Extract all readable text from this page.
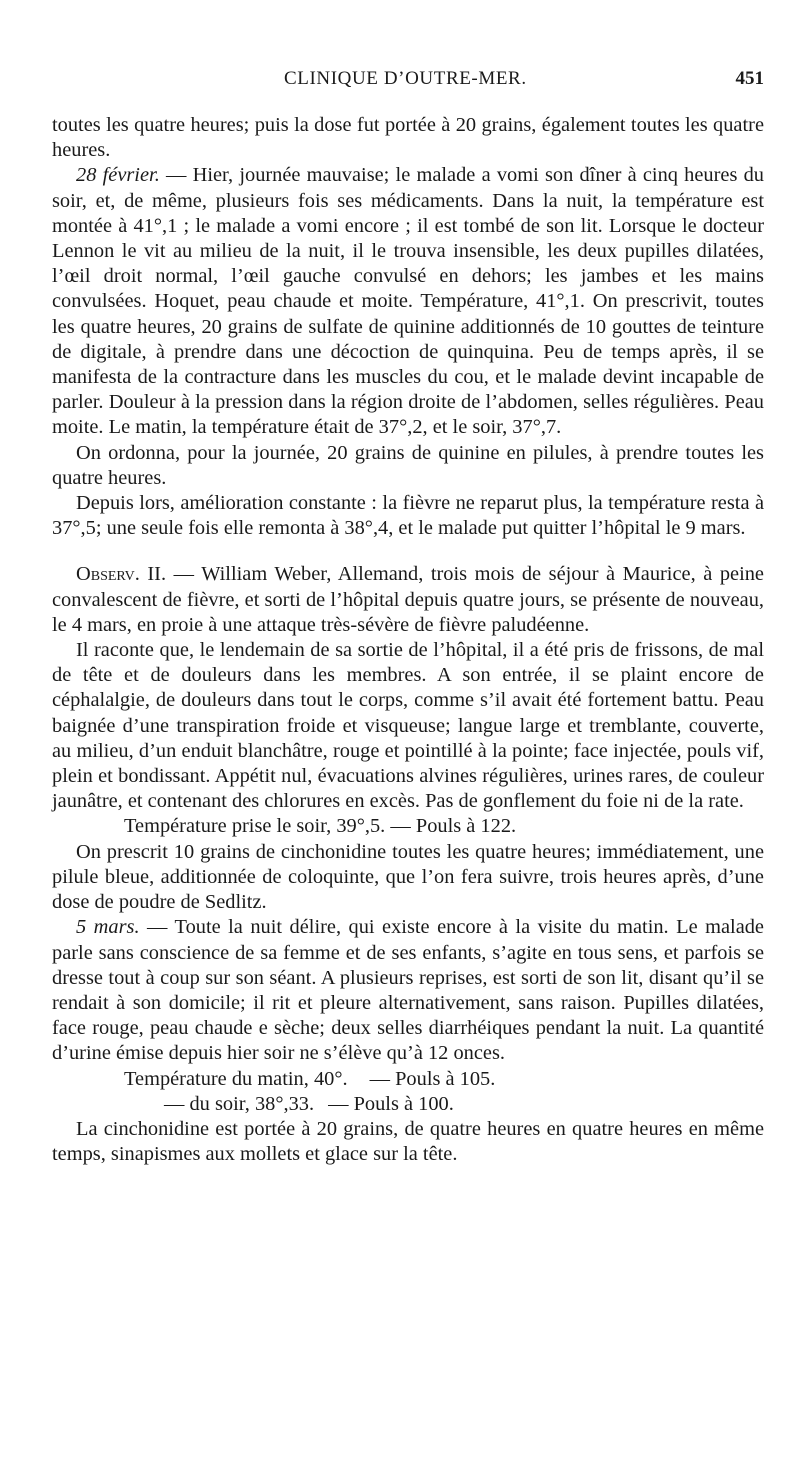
CLINIQUE D’OUTRE-MER.	451

toutes les quatre heures; puis la dose fut portée à 20 grains, également toutes les quatre heures.

28 février. — Hier, journée mauvaise; le malade a vomi son dîner à cinq heures du soir, et, de même, plusieurs fois ses médicaments. Dans la nuit, la température est montée à 41°,1 ; le malade a vomi encore ; il est tombé de son lit. Lorsque le docteur Lennon le vit au milieu de la nuit, il le trouva insensible, les deux pupilles dilatées, l’œil droit normal, l’œil gauche convulsé en dehors; les jambes et les mains convulsées. Hoquet, peau chaude et moite. Température, 41°,1. On prescrivit, toutes les quatre heures, 20 grains de sulfate de quinine additionnés de 10 gouttes de teinture de digitale, à prendre dans une décoction de quinquina. Peu de temps après, il se manifesta de la contracture dans les muscles du cou, et le malade devint incapable de parler. Douleur à la pression dans la région droite de l’abdomen, selles régulières. Peau moite. Le matin, la température était de 37°,2, et le soir, 37°,7.

On ordonna, pour la journée, 20 grains de quinine en pilules, à prendre toutes les quatre heures.

Depuis lors, amélioration constante : la fièvre ne reparut plus, la température resta à 37°,5; une seule fois elle remonta à 38°,4, et le malade put quitter l’hôpital le 9 mars.

Observ. II. — William Weber, Allemand, trois mois de séjour à Maurice, à peine convalescent de fièvre, et sorti de l’hôpital depuis quatre jours, se présente de nouveau, le 4 mars, en proie à une attaque très-sévère de fièvre paludéenne.

Il raconte que, le lendemain de sa sortie de l’hôpital, il a été pris de frissons, de mal de tête et de douleurs dans les membres. A son entrée, il se plaint encore de céphalalgie, de douleurs dans tout le corps, comme s’il avait été fortement battu. Peau baignée d’une transpiration froide et visqueuse; langue large et tremblante, couverte, au milieu, d’un enduit blanchâtre, rouge et pointillé à la pointe; face injectée, pouls vif, plein et bondissant. Appétit nul, évacuations alvines régulières, urines rares, de couleur jaunâtre, et contenant des chlorures en excès. Pas de gonflement du foie ni de la rate.

Température prise le soir, 39°,5. — Pouls à 122.

On prescrit 10 grains de cinchonidine toutes les quatre heures; immédiatement, une pilule bleue, additionnée de coloquinte, que l’on fera suivre, trois heures après, d’une dose de poudre de Sedlitz.

5 mars. — Toute la nuit délire, qui existe encore à la visite du matin. Le malade parle sans conscience de sa femme et de ses enfants, s’agite en tous sens, et parfois se dresse tout à coup sur son séant. A plusieurs reprises, est sorti de son lit, disant qu’il se rendait à son domicile; il rit et pleure alternativement, sans raison. Pupilles dilatées, face rouge, peau chaude e sèche; deux selles diarrhéiques pendant la nuit. La quantité d’urine émise depuis hier soir ne s’élève qu’à 12 onces.

Température du matin, 40°. — Pouls à 105.
— du soir, 38°,33. — Pouls à 100.

La cinchonidine est portée à 20 grains, de quatre heures en quatre heures en même temps, sinapismes aux mollets et glace sur la tête.
